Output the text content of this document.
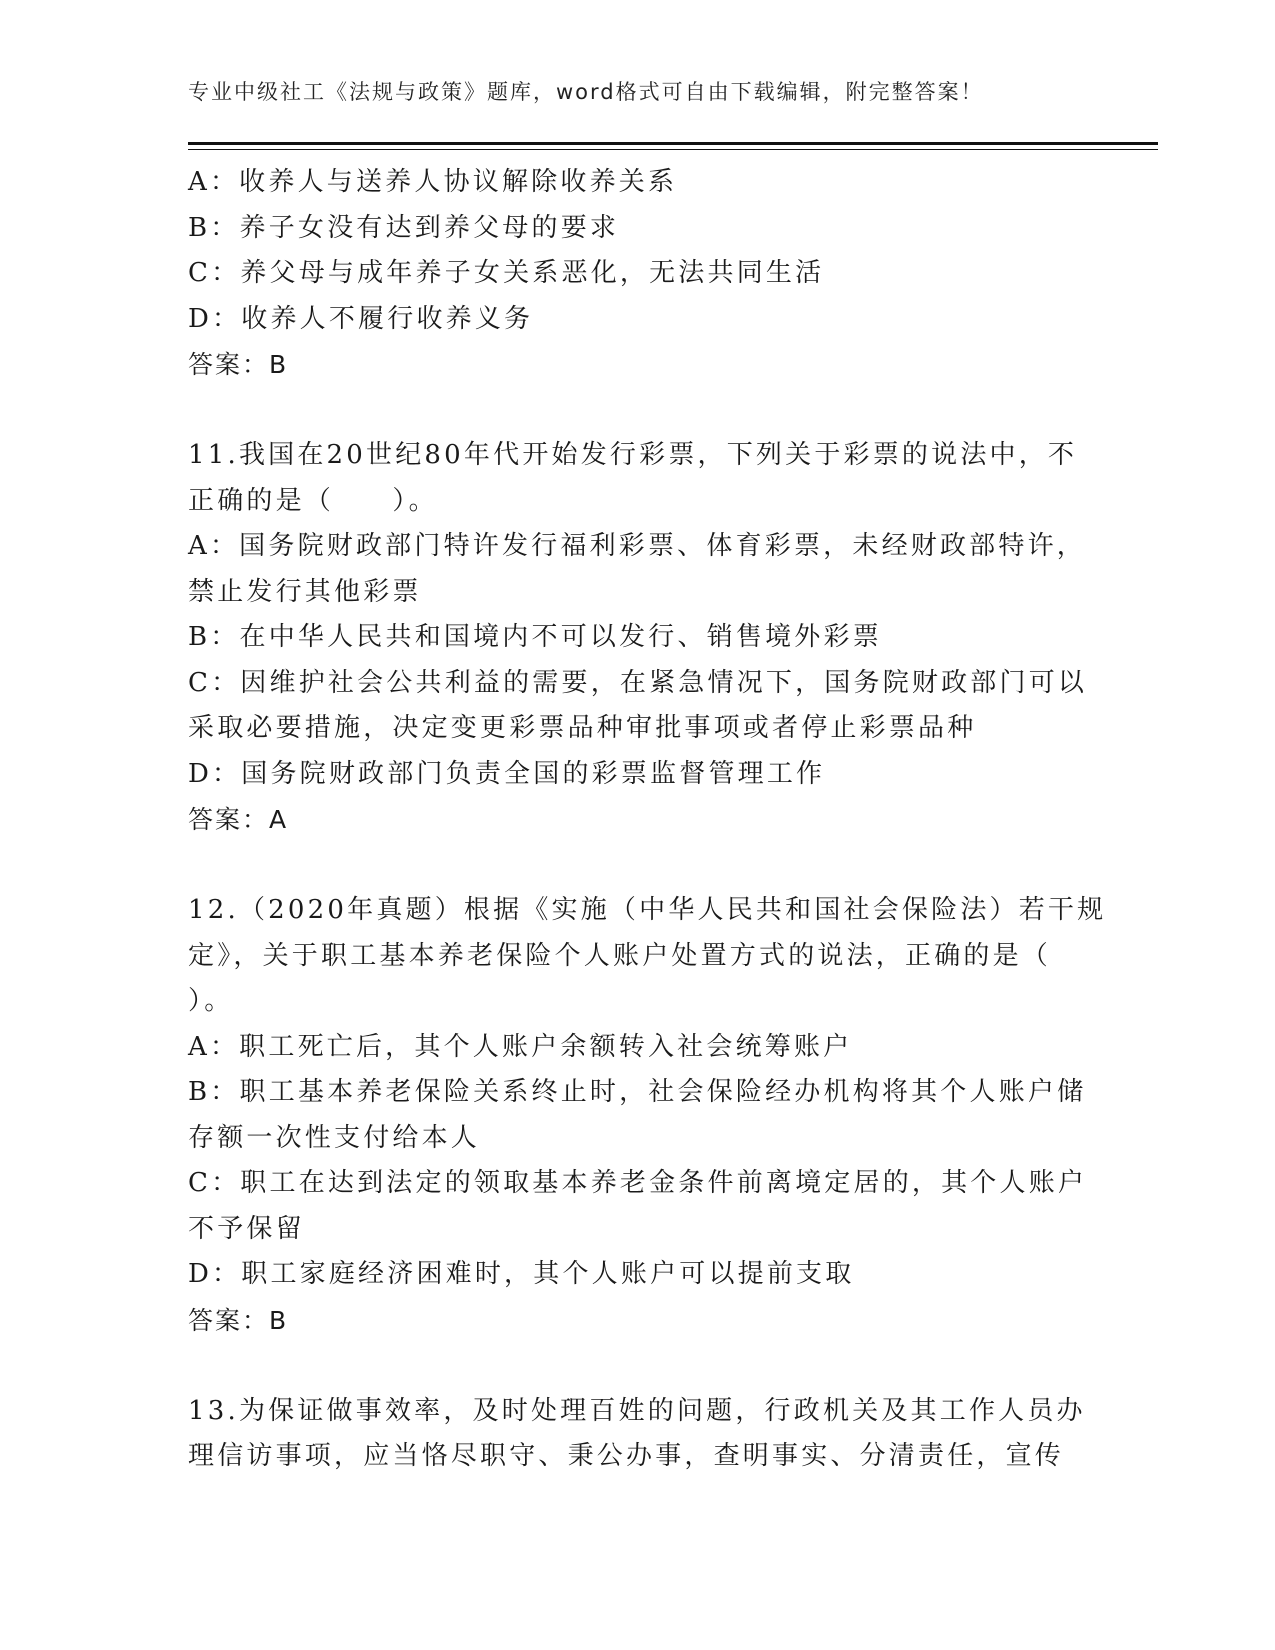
专业中级社工《法规与政策》题库，word格式可自由下载编辑，附完整答案！
A：收养人与送养人协议解除收养关系
B：养子女没有达到养父母的要求
C：养父母与成年养子女关系恶化，无法共同生活
D：收养人不履行收养义务
答案：B
11.我国在20世纪80年代开始发行彩票，下列关于彩票的说法中，不
正确的是（　　）。
A：国务院财政部门特许发行福利彩票、体育彩票，未经财政部特许，
禁止发行其他彩票
B：在中华人民共和国境内不可以发行、销售境外彩票
C：因维护社会公共利益的需要，在紧急情况下，国务院财政部门可以
采取必要措施，决定变更彩票品种审批事项或者停止彩票品种
D：国务院财政部门负责全国的彩票监督管理工作
答案：A
12.（2020年真题）根据《实施（中华人民共和国社会保险法）若干规
定》，关于职工基本养老保险个人账户处置方式的说法，正确的是（
）。
A：职工死亡后，其个人账户余额转入社会统筹账户
B：职工基本养老保险关系终止时，社会保险经办机构将其个人账户储
存额一次性支付给本人
C：职工在达到法定的领取基本养老金条件前离境定居的，其个人账户
不予保留
D：职工家庭经济困难时，其个人账户可以提前支取
答案：B
13.为保证做事效率，及时处理百姓的问题，行政机关及其工作人员办
理信访事项，应当恪尽职守、秉公办事，查明事实、分清责任，宣传
